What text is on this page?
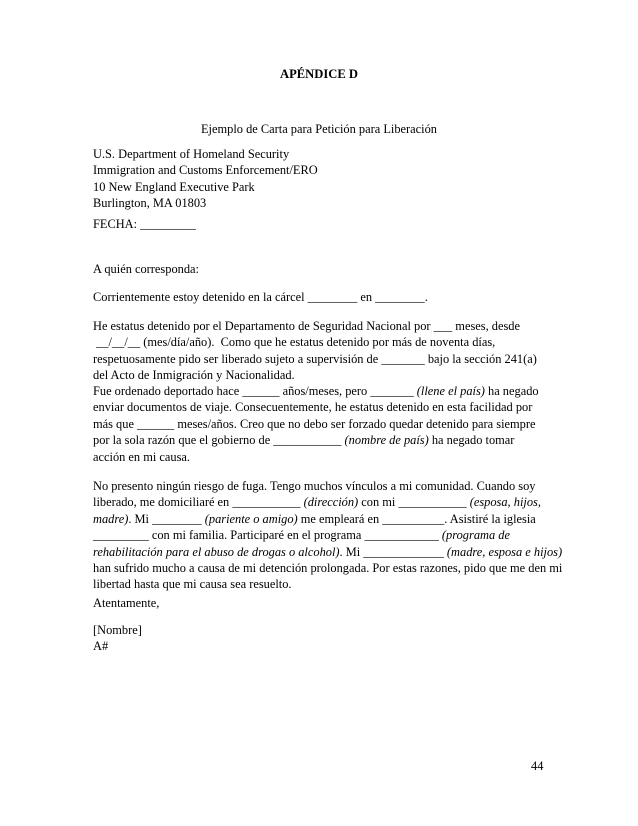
APÉNDICE D
Ejemplo de Carta para Petición para Liberación
U.S. Department of Homeland Security
Immigration and Customs Enforcement/ERO
10 New England Executive Park
Burlington, MA 01803
FECHA: _________
A quién corresponda:
Corrientemente estoy detenido en la cárcel ________ en ________.
He estatus detenido por el Departamento de Seguridad Nacional por ___ meses, desde
__/__/__ (mes/día/año).  Como que he estatus detenido por más de noventa días,
respetuosamente pido ser liberado sujeto a supervisión de _______ bajo la sección 241(a)
del Acto de Inmigración y Nacionalidad.
Fue ordenado deportado hace ______ años/meses, pero _______ (llene el país) ha negado
enviar documentos de viaje. Consecuentemente, he estatus detenido en esta facilidad por
más que ______ meses/años. Creo que no debo ser forzado quedar detenido para siempre
por la sola razón que el gobierno de ___________ (nombre de país) ha negado tomar
acción en mi causa.
No presento ningún riesgo de fuga. Tengo muchos vínculos a mi comunidad. Cuando soy
liberado, me domiciliaré en ___________ (dirección) con mi ___________ (esposa, hijos,
madre). Mi ________ (pariente o amigo) me empleará en __________. Asistiré la iglesia
_________ con mi familia. Participaré en el programa ____________ (programa de
rehabilitación para el abuso de drogas o alcohol). Mi _____________ (madre, esposa e hijos)
han sufrido mucho a causa de mi detención prolongada. Por estas razones, pido que me den mi
libertad hasta que mi causa sea resuelto.
Atentamente,
[Nombre]
A#
44
